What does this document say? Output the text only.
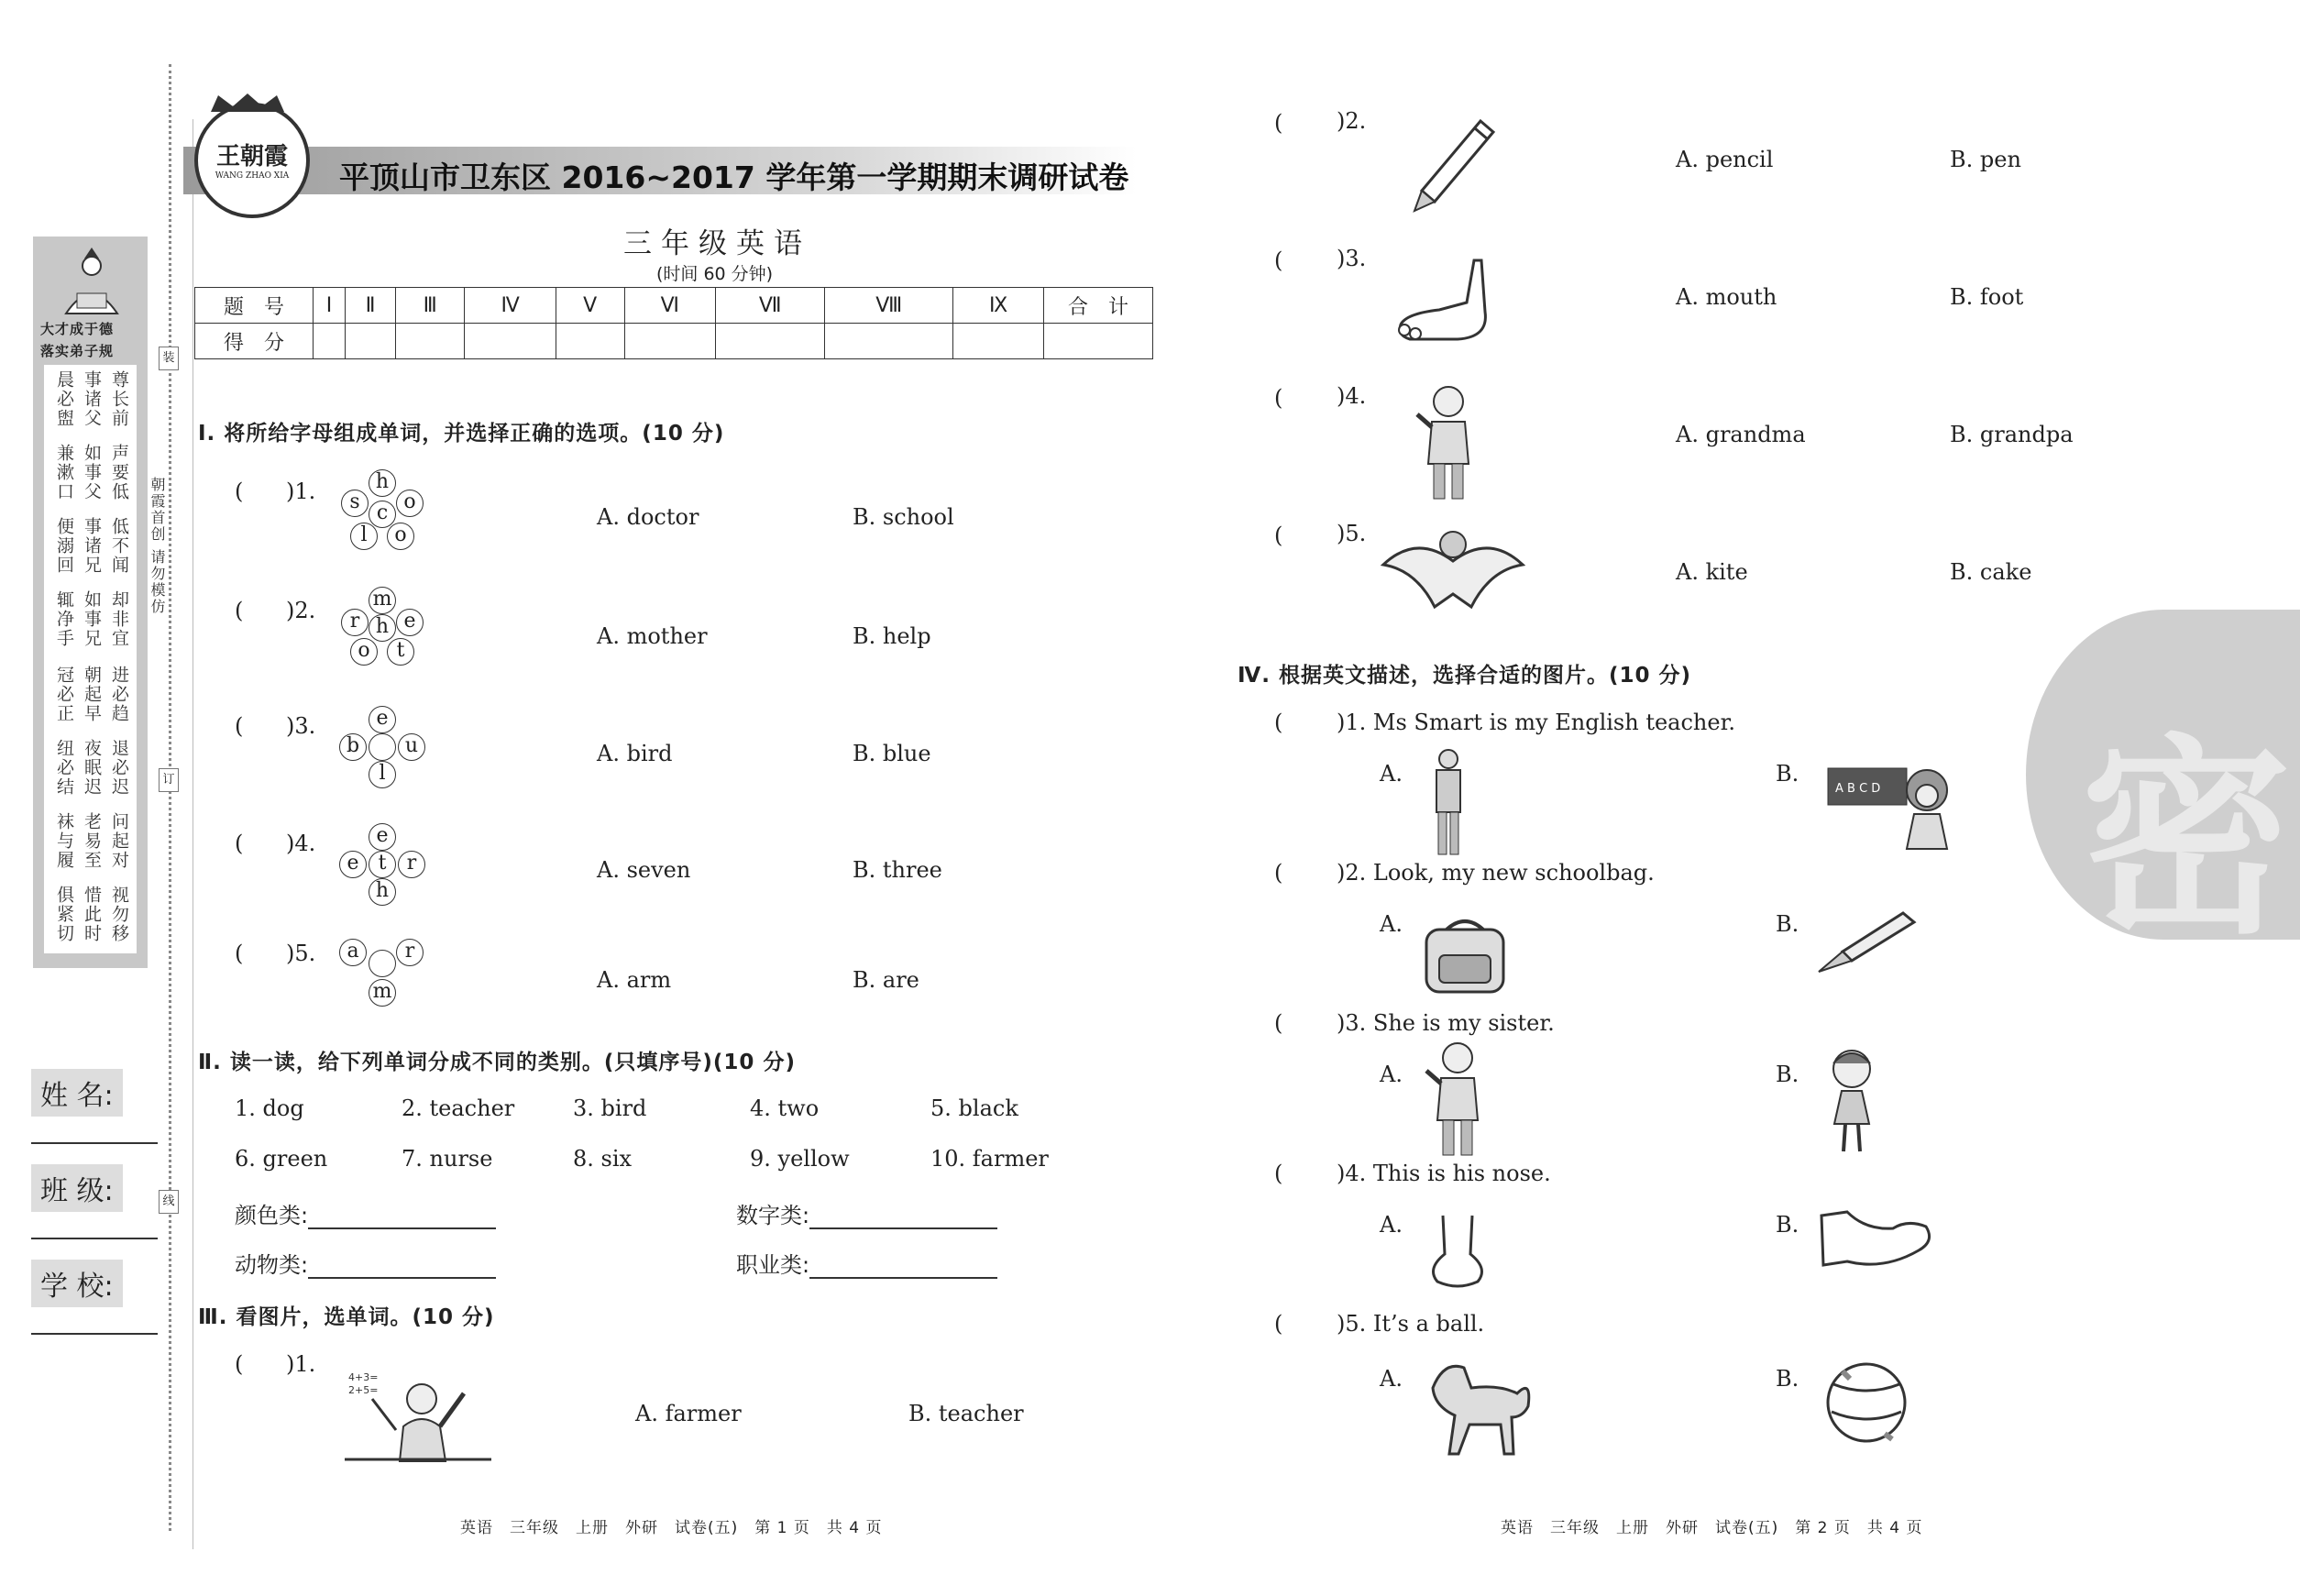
装
订
线
大才成于德
落实弟子规
晨必盥 事诸父 尊长前
兼漱口 如事父 声要低
便溺回 事诸兄 低不闻
辄净手 如事兄 却非宜
冠必正 朝起早 进必趋
纽必结 夜眠迟 退必迟
袜与履 老易至 问起对
俱紧切 惜此时 视勿移
朝霞首创 请勿模仿
姓 名:
班 级:
学 校:
王朝霞
WANG ZHAO XIA	平顶山市卫东区 2016~2017 学年第一学期期末调研试卷
三年级英语
(时间 60 分钟)
题　号	Ⅰ	Ⅱ	Ⅲ	Ⅳ	Ⅴ	Ⅵ	Ⅶ	Ⅷ	Ⅸ	合　计
得　分										
Ⅰ. 将所给字母组成单词，并选择正确的选项。(10 分)
( )1.	h
s c o
l	o
A. doctor	B. school
( )2.	m
r h e
o	t
A. mother	B. help
( )3.	e
b	u
l
A. bird	B. blue
( )4.	e
e t	r
h
A. seven	B. three
( )5.	a	r
m	A. arm	B. are
Ⅱ. 读一读，给下列单词分成不同的类别。(只填序号)(10 分)
1. dog	2. teacher	3. bird	4. two	5. black
6. green	7. nurse	8. six	9. yellow	10. farmer
颜色类:	数字类:
动物类:	职业类:
Ⅲ. 看图片，选单词。(10 分)
( )1.
4+3=
2+5=
A. farmer	B. teacher
英语　三年级　上册　外研　试卷(五)　第 1 页　共 4 页
( )2.
A. pencil	B. pen
( )3.
A. mouth	B. foot
( )4.
A. grandma	B. grandpa
( )5.
A. kite	B. cake
Ⅳ. 根据英文描述，选择合适的图片。(10 分)
( )1. Ms Smart is my English teacher.
A.	B.
A B C D
( )2. Look, my new schoolbag.
A.	B.
( )3. She is my sister.
A.	B.
( )4. This is his nose.
A.	B.
( )5. It’s a ball.
A.	B.
英语　三年级　上册　外研　试卷(五)　第 2 页　共 4 页
密
